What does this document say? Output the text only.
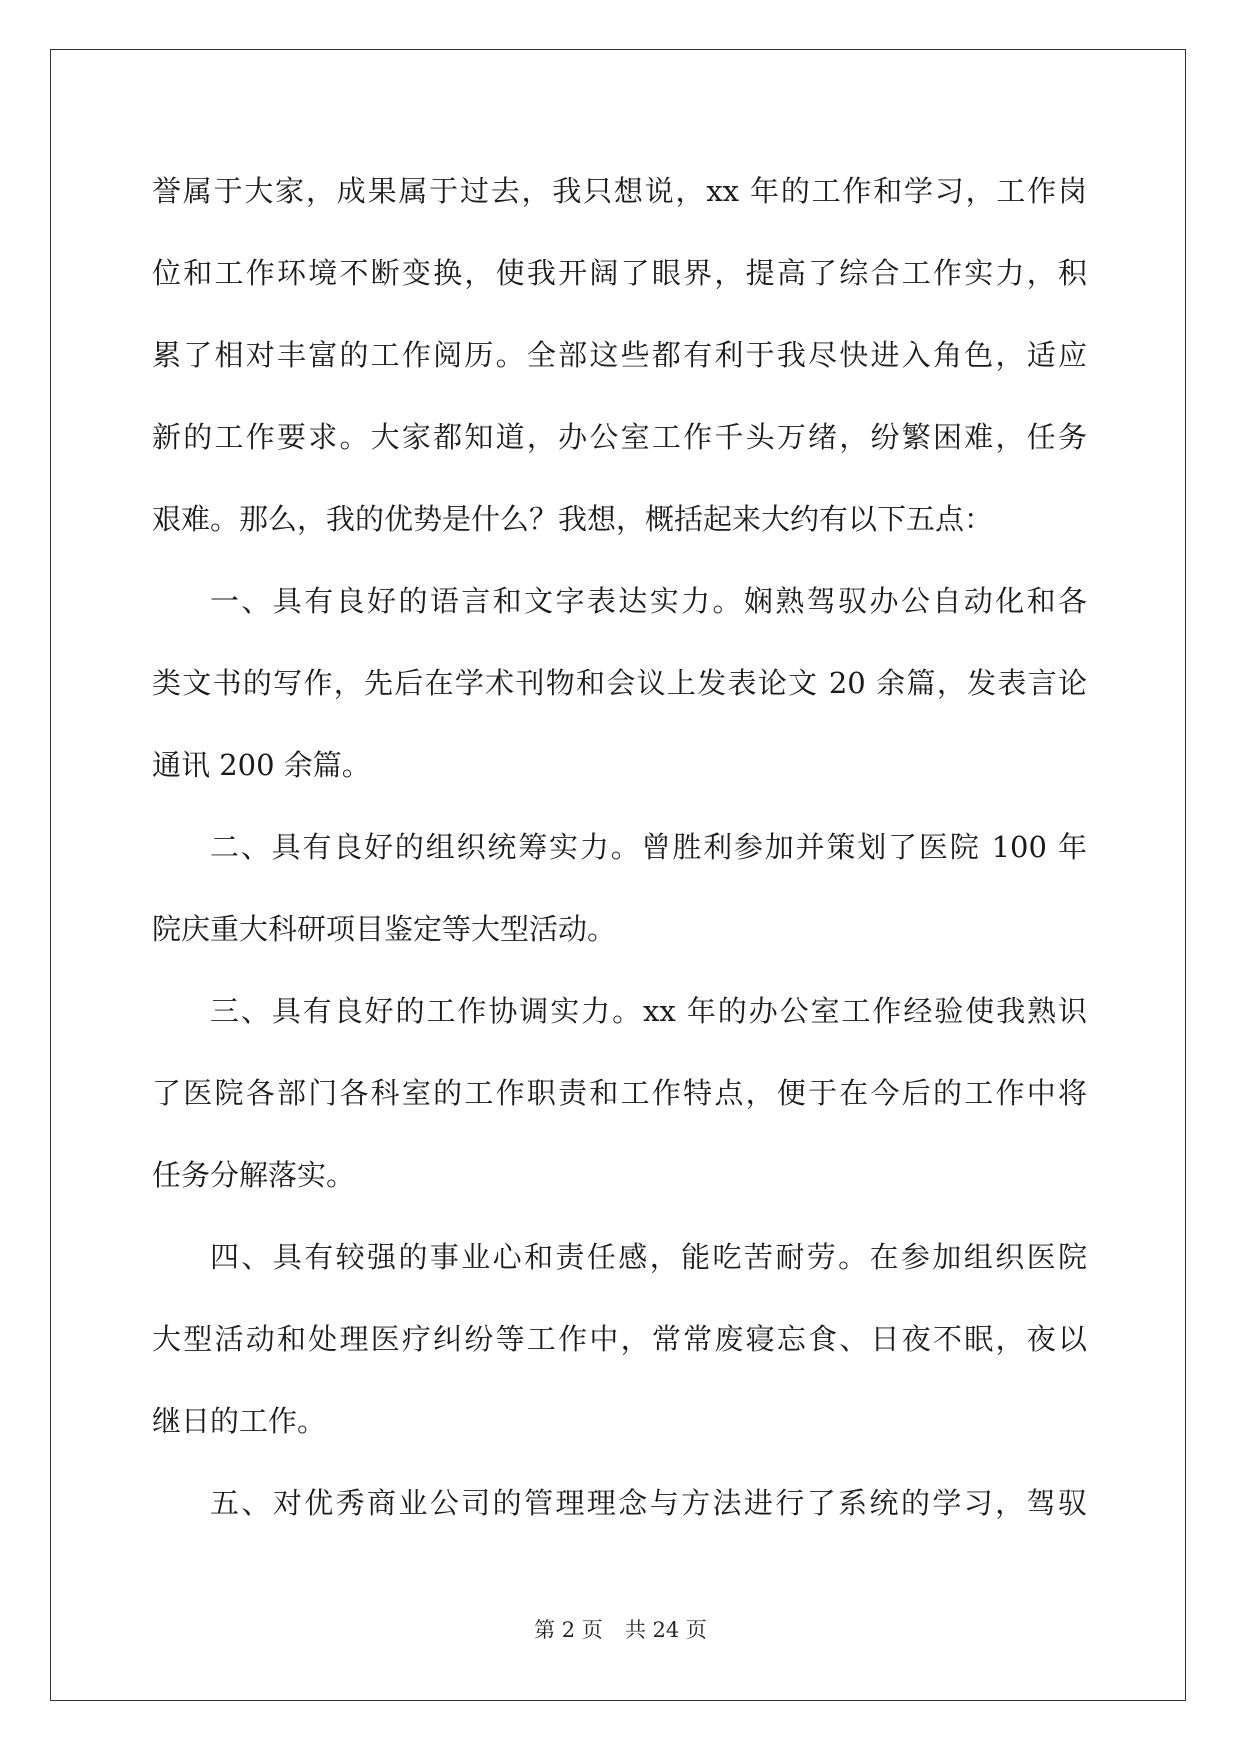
誉属于大家，成果属于过去，我只想说，xx 年的工作和学习，工作岗
位和工作环境不断变换，使我开阔了眼界，提高了综合工作实力，积
累了相对丰富的工作阅历。全部这些都有利于我尽快进入角色，适应
新的工作要求。大家都知道，办公室工作千头万绪，纷繁困难，任务
艰难。那么，我的优势是什么？我想，概括起来大约有以下五点：
一、具有良好的语言和文字表达实力。娴熟驾驭办公自动化和各
类文书的写作，先后在学术刊物和会议上发表论文 20 余篇，发表言论
通讯 200 余篇。
二、具有良好的组织统筹实力。曾胜利参加并策划了医院 100 年
院庆重大科研项目鉴定等大型活动。
三、具有良好的工作协调实力。xx 年的办公室工作经验使我熟识
了医院各部门各科室的工作职责和工作特点，便于在今后的工作中将
任务分解落实。
四、具有较强的事业心和责任感，能吃苦耐劳。在参加组织医院
大型活动和处理医疗纠纷等工作中，常常废寝忘食、日夜不眠，夜以
继日的工作。
五、对优秀商业公司的管理理念与方法进行了系统的学习，驾驭
第 2 页 共 24 页
